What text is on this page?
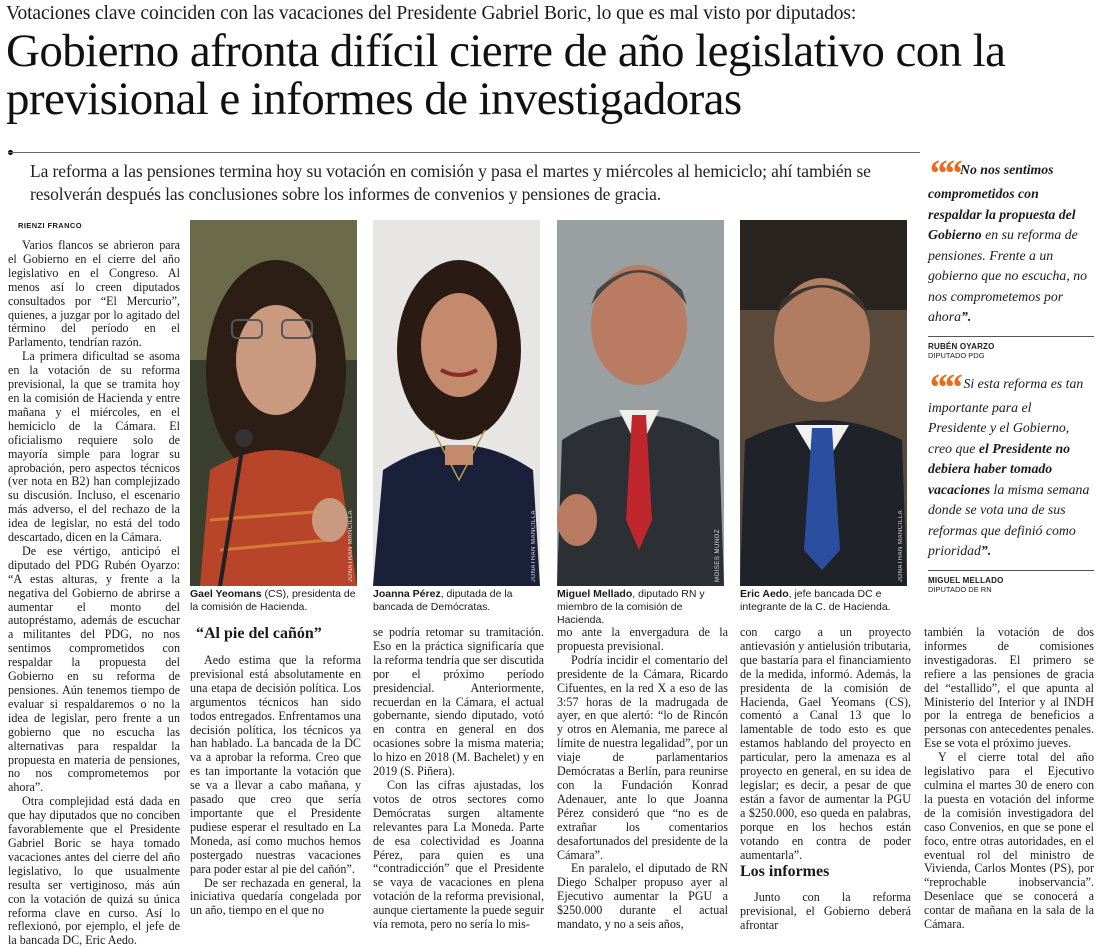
Votaciones clave coinciden con las vacaciones del Presidente Gabriel Boric, lo que es mal visto por diputados:
Gobierno afronta difícil cierre de año legislativo con la previsional e informes de investigadoras
La reforma a las pensiones termina hoy su votación en comisión y pasa el martes y miércoles al hemiciclo; ahí también se resolverán después las conclusiones sobre los informes de convenios y pensiones de gracia.
RIENZI FRANCO

Varios flancos se abrieron para el Gobierno en el cierre del año legislativo en el Congreso. Al menos así lo creen diputados consultados por “El Mercurio”, quienes, a juzgar por lo agitado del término del período en el Parlamento, tendrían razón.

La primera dificultad se asoma en la votación de su reforma previsional, la que se tramita hoy en la comisión de Hacienda y entre mañana y el miércoles, en el hemiciclo de la Cámara. El oficialismo requiere solo de mayoría simple para lograr su aprobación, pero aspectos técnicos (ver nota en B2) han complejizado su discusión. Incluso, el escenario más adverso, el del rechazo de la idea de legislar, no está del todo descartado, dicen en la Cámara.

De ese vértigo, anticipó el diputado del PDG Rubén Oyarzo: “A estas alturas, y frente a la negativa del Gobierno de abrirse a aumentar el monto del autopréstamo, además de escuchar a militantes del PDG, no nos sentimos comprometidos con respaldar la propuesta del Gobierno en su reforma de pensiones. Aún tenemos tiempo de evaluar si respaldaremos o no la idea de legislar, pero frente a un gobierno que no escucha las alternativas para respaldar la propuesta en materia de pensiones, no nos comprometemos por ahora”.

Otra complejidad está dada en que hay diputados que no conciben favorablemente que el Presidente Gabriel Boric se haya tomado vacaciones antes del cierre del año legislativo, lo que usualmente resulta ser vertiginoso, más aún con la votación de quizá su única reforma clave en curso. Así lo reflexionó, por ejemplo, el jefe de la bancada DC, Eric Aedo.

JONATHAN MANCILLA
Gael Yeomans (CS), presidenta de la comisión de Hacienda.
JONATHAN MANCILLA
Joanna Pérez, diputada de la bancada de Demócratas.
MOISES MUÑOZ
Miguel Mellado, diputado RN y miembro de la comisión de Hacienda.
JONATHAN MANCILLA
Eric Aedo, jefe bancada DC e integrante de la C. de Hacienda.
“Al pie del cañón”

Aedo estima que la reforma previsional está absolutamente en una etapa de decisión política. Los argumentos técnicos han sido todos entregados. Enfrentamos una decisión política, los técnicos ya han hablado. La bancada de la DC va a aprobar la reforma. Creo que es tan importante la votación que se va a llevar a cabo mañana, y pasado que creo que sería importante que el Presidente pudiese esperar el resultado en La Moneda, así como muchos hemos postergado nuestras vacaciones para poder estar al pie del cañón”.

De ser rechazada en general, la iniciativa quedaría congelada por un año, tiempo en el que no

se podría retomar su tramitación. Eso en la práctica significaría que la reforma tendría que ser discutida por el próximo período presidencial. Anteriormente, recuerdan en la Cámara, el actual gobernante, siendo diputado, votó en contra en general en dos ocasiones sobre la misma materia; lo hizo en 2018 (M. Bachelet) y en 2019 (S. Piñera).

Con las cifras ajustadas, los votos de otros sectores como Demócratas surgen altamente relevantes para La Moneda. Parte de esa colectividad es Joanna Pérez, para quien es una “contradicción” que el Presidente se vaya de vacaciones en plena votación de la reforma previsional, aunque ciertamente la puede seguir vía remota, pero no sería lo mis-

mo ante la envergadura de la propuesta previsional.

Podría incidir el comentario del presidente de la Cámara, Ricardo Cifuentes, en la red X a eso de las 3:57 horas de la madrugada de ayer, en que alertó: “lo de Rincón y otros en Alemania, me parece al límite de nuestra legalidad”, por un viaje de parlamentarios Demócratas a Berlín, para reunirse con la Fundación Konrad Adenauer, ante lo que Joanna Pérez consideró que “no es de extrañar los comentarios desafortunados del presidente de la Cámara”.

En paralelo, el diputado de RN Diego Schalper propuso ayer al Ejecutivo aumentar la PGU a $250.000 durante el actual mandato, y no a seis años,

con cargo a un proyecto antievasión y antielusión tributaria, que bastaría para el financiamiento de la medida, informó. Además, la presidenta de la comisión de Hacienda, Gael Yeomans (CS), comentó a Canal 13 que lo lamentable de todo esto es que estamos hablando del proyecto en particular, pero la amenaza es al proyecto en general, en su idea de legislar; es decir, a pesar de que están a favor de aumentar la PGU a $250.000, eso queda en palabras, porque en los hechos están votando en contra de poder aumentarla”.

Los informes

Junto con la reforma previsional, el Gobierno deberá afrontar

también la votación de dos informes de comisiones investigadoras. El primero se refiere a las pensiones de gracia del “estallido”, el que apunta al Ministerio del Interior y al INDH por la entrega de beneficios a personas con antecedentes penales. Ese se vota el próximo jueves.

Y el cierre total del año legislativo para el Ejecutivo culmina el martes 30 de enero con la puesta en votación del informe de la comisión investigadora del caso Convenios, en que se pone el foco, entre otras autoridades, en el eventual rol del ministro de Vivienda, Carlos Montes (PS), por “reprochable inobservancia”. Desenlace que se conocerá a contar de mañana en la sala de la Cámara.

““ No nos sentimos comprometidos con respaldar la propuesta del Gobierno en su reforma de pensiones. Frente a un gobierno que no escucha, no nos comprometemos por ahora”.
RUBÉN OYARZO
DIPUTADO PDG
““ Si esta reforma es tan importante para el Presidente y el Gobierno, creo que el Presidente no debiera haber tomado vacaciones la misma semana donde se vota una de sus reformas que definió como prioridad”.
MIGUEL MELLADO
DIPUTADO DE RN
